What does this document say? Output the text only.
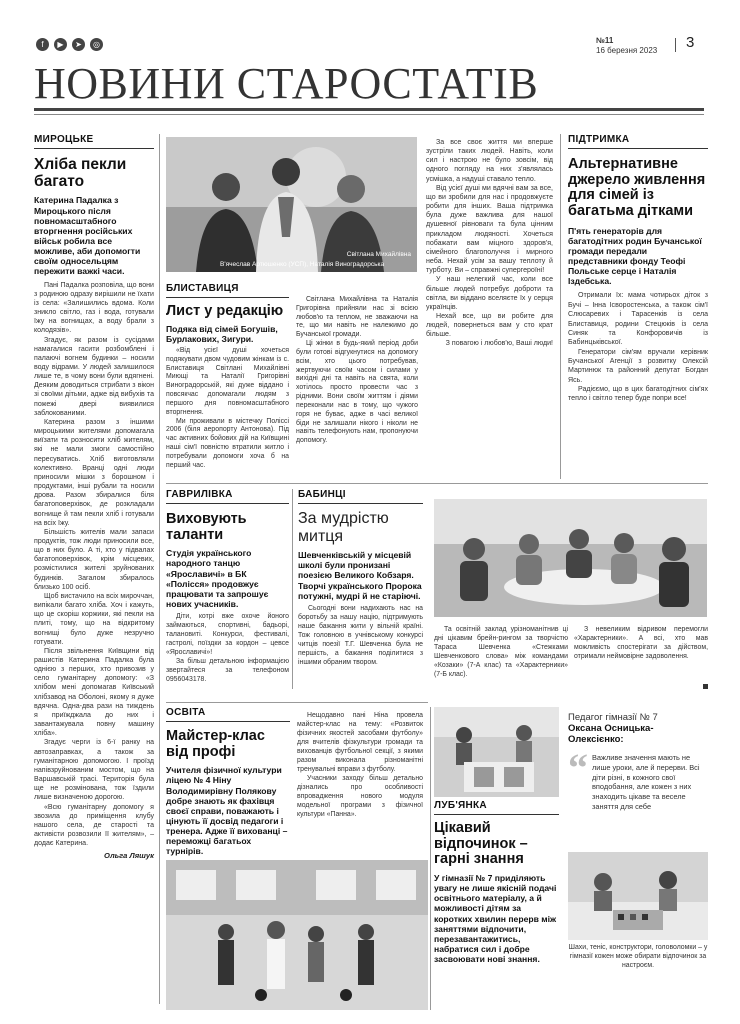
f	▶	➤	◎	№11
16 березня 2023 3
НОВИНИ СТАРОСТАТІВ
МИРОЦЬКЕ
Хліба пекли багато
Катерина Падалка з Мироцького після повномасштабного вторгнення російських військ робила все можливе, аби допомогти своїм односельцям пережити важкі часи.

Пані Падалка розповіла, що вони з родиною одразу вирішили не їхати із села: «Залишились вдома. Коли зникло світло, газ і вода, готували їжу на вогнищах, а воду брали з колодязів».

Згадує, як разом із сусідами намагалися гасити розбомблені і палаючі вогнем будинки – носили воду відрами. У людей залишилося лише те, в чому вони були вдягнені. Деяким доводиться стрибати з вікон зі своїми дітьми, адже від вибухів та пожежі двері виявилися заблокованими.

Катерина разом з іншими мироцькими жителями допомагала виїзати та розносити хліб жителям, які не мали змоги самостійно пересуватись. Хліб виготовляли колективно. Вранці одні люди приносили мішки з борошном і продуктами, інші рубали та носили дрова. Разом збиралися біля багатоповерхівок, де розкладали вогнище й там пекли хліб і готували на всіх їжу.

Більшість жителів мали запаси продуктів, тож люди приносили все, що в них було. А ті, хто у підвалах багатоповерхівок, крім місцевих, розмістилися жителі зруйнованих будинків. Загалом збиралось близько 100 осіб.

Щоб вистачило на всіх мироччан, випікали багато хліба. Хоч і кажуть, що це скоріш коржики, які пекли на плиті, тому, що на відкритому вогнищі було дуже незручно готувати.

Після звільнення Київщини від рашистів Катерина Падалка була однією з перших, хто привозив у село гуманітарну допомогу: «З хлібом мені допомагав Київський хлібзавод на Оболоні, якому я дуже вдячна. Одна-два рази на тиждень я приїжджала до них і завантажувала повну машину хліба».

Згадує черги із 6-ї ранку на автозаправках, а також за гуманітарною допомогою. І проїзд напівзруйнованим мостом, що на Варшавській трасі. Територія була ще не розмінована, тож їздили лише визначеною дорогою.

«Всю гуманітарну допомогу я звозила до приміщення клубу нашого села, де старості та активісти розвозили її жителям», – додає Катерина.

Ольга Ляшук
В'ячеслав Артюшенко (УСП), Наталія Виноградорська
Світлана Михайлівна
БЛИСТАВИЦЯ
Лист у редакцію
Подяка від сімей Богушів, Бурлакових, Зигури.

«Від усієї душі хочеться подякувати двом чудовим жінкам із с. Блиставиця Світлані Михайлівні Миющі та Наталії Григорівні Виноградорській, які дуже віддано і повсякчас допомагали людям з першого дня повномасштабного вторгнення.

Ми проживали в містечку Поліссі 2006 (біля аеропорту Антонова). Під час активних бойових дій на Київщині наші сім'ї повністю втратили житло і потребували допомоги хоча б на перший час.

Світлана Михайлівна та Наталія Григорівна прийняли нас зі всією любов'ю та теплом, не зважаючи на те, що ми навіть не належимо до Бучанської громади.

Ці жінки в будь-який період доби були готові відгукнутися на допомогу всім, хто цього потребував, жертвуючи своїм часом і силами у вихідні дні та навіть на свята, коли хотілось просто провести час з рідними. Вони своїм життям і діями переконали нас в тому, що чужого горя не буває, адже в часі великої біди не залишали нікого і ніколи не навіть телефонують нам, пропонуючи допомогу.

За все своє життя ми вперше зустріли таких людей. Навіть, коли сил і настрою не було зовсім, від одного погляду на них з'являлась усмішка, а надуші ставало тепло.

Від усієї душі ми вдячні вам за все, що ви зробили для нас і продовжуєте робити для інших. Ваша підтримка була дуже важлива для нашої душевної рівноваги та була цінним прикладом людяності. Хочеться побажати вам міцного здоров'я, сімейного благополуччя і мирного неба. Нехай усім за вашу теплоту й турботу. Ви – справжні супергероїні!

У наш нелегкий час, коли все більше людей потребує доброти та світла, ви віддано вселяєте їх у серця українців.

Нехай все, що ви робите для людей, повернеться вам у сто крат більше.

З повагою і любов'ю, Ваші люди!

ПІДТРИМКА
Альтернативне джерело живлення для сімей із багатьма дітками
П'ять генераторів для багатодітних родин Бучанської громади передали представники фонду Теофі Польське серце і Наталія Іздебська.

Отримали їх: мама чотирьох діток з Бучі – Інна Ісворостенська, а також сім'ї Слюсаревих і Тарасенків із села Блиставиця, родини Стецюків із села Синяк та Конфоровичів із Бабинцьківської.

Генератори сім'ям вручали керівник Бучанської Агенції з розвитку Олексій Мартинюк та районний депутат Богдан Ясь.

Радієємо, що в цих багатодітних сім'ях тепло і світло тепер буде попри все!

ГАВРИЛІВКА
Виховують таланти
Студія українського народного танцю «Ярославичі» в БК «Полісся» продовжує працювати та запрошує нових учасників.

Діти, котрі вже охоче йоного займаються, спортивні, бадьорі, талановиті. Конкурси, фестивалі, гастролі, поїздки за кордон – цевсе «Ярославичі»!

За більш детальною інформацією звертайтеся за телефоном 0956043178.

БАБИНЦІ
За мудрістю митця
Шевченківській у місцевій школі були пронизані поезією Великого Кобзаря. Творчі українського Пророка потужні, мудрі й не старіючі.

Сьогодні вони надихають нас на боротьбу за нашу націю, підтримують наше бажання жити у вільній країні. Тож головною в учнівському конкурсі читців поезії Т.Г. Шевченка була не першість, а бажання поділитися з іншими обраним твором.

Та освітній заклад урізноманітнив ці дні цікавим брейн-рингом за творчістю Тараса Шевченка «Стежками Шевченкового слова» між командами «Козаки» (7-А клас) та «Характерники» (7-Б клас).

З невеликим відривом перемогли «Характерники». А всі, хто мав можливість спостерігати за дійством, отримали неймовірне задоволення.

ОСВІТА
Майстер-клас від профі
Учителя фізичної культури ліцею № 4 Ніну Володимирівну Полякову добре знають як фахівця своєї справи, поважають і цінують її досвід педагоги і тренера. Адже її вихованці – переможці багатьох турнірів.

Нещодавно пані Ніна провела майстер-клас на тему: «Розвиток фізичних якостей засобами футболу» для вчителів фізкультури громади та вихованців футбольної секції, з якими разом виконала різноманітні тренувальні вправи з футболу.

Учасники заходу більш детально дізнались про особливості впровадження нового модуля модельної програми з фізичної культури «Панна».

ЛУБ'ЯНКА
Цікавий відпочинок – гарні знання
У гімназії № 7 приділяють увагу не лише якісній подачі освітнього матеріалу, а й можливості дітям за коротких хвилин перерв між заняттями відпочити, перезавантажитись, набратися сил і добре засвоювати нові знання.
Педагог гімназії № 7
Оксана Осницька-Олексієнко:
“ Важливе значення мають не лише уроки, але й перерви. Всі діти різні, в кожного свої вподобання, але кожен з них знаходить цікаве та веселе заняття для себе
Шахи, теніс, конструктори, головоломки – у гімназії кожен може обирати відпочинок за настроєм.
